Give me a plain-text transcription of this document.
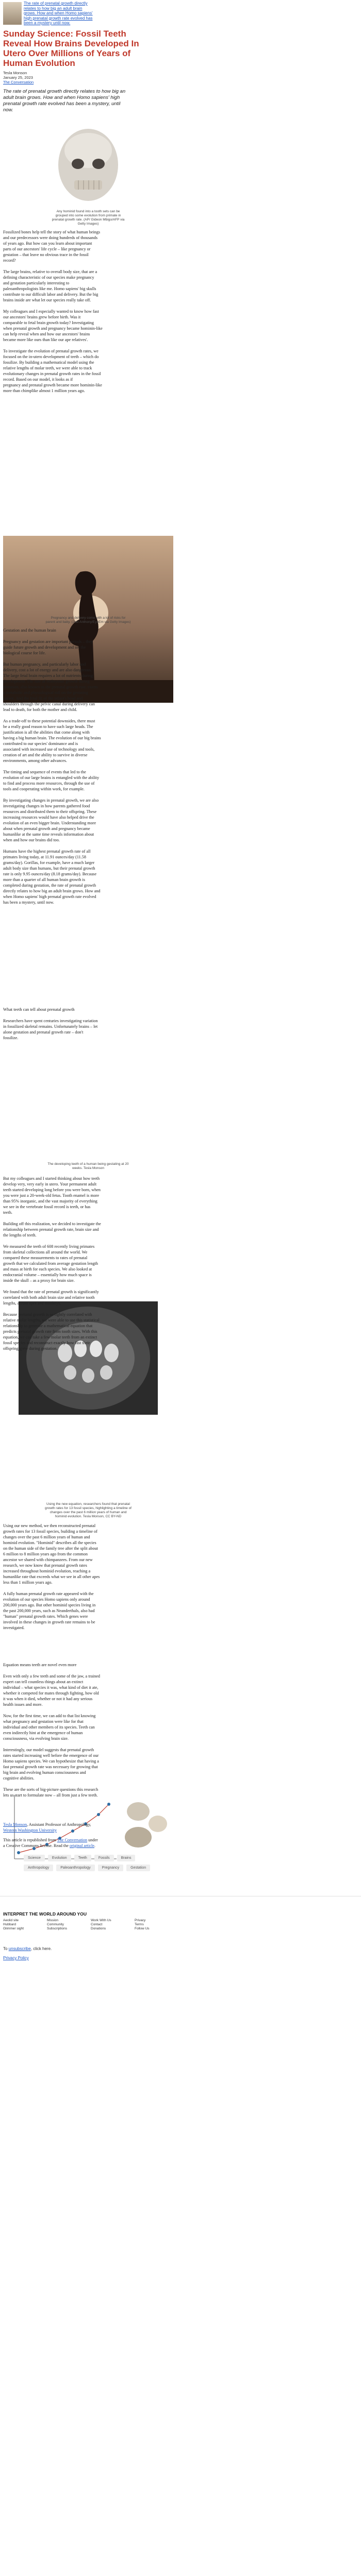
The rate of prenatal growth directly
relates to how big an adult brain
grows. How and when Homo sapiens'
high prenatal growth rate evolved has
been a mystery until now.
Sunday Science: Fossil Teeth
Reveal How Brains Developed In
Utero Over Millions of Years of
Human Evolution
Tesla Monson
January 25, 2023
The Conversation
The rate of prenatal growth directly relates to how big an
adult brain grows. How and when Homo sapiens' high
prenatal growth rate evolved has been a mystery, until
now.
Any hominid found into a tooth sets can be
grouped into some evolution from primate in
prenatal growth rate. (AP/ Gideon Mbigo/AFP via
Getty Images)

Fossilized bones help tell the story of what human beings
and our predecessors were doing hundreds of thousands
of years ago. But how can you learn about important
parts of our ancestors' life cycle – like pregnancy or
gestation – that leave no obvious trace in the fossil
record?

The large brains, relative to overall body size, that are a
defining characteristic of our species make pregnancy
and gestation particularly interesting to
paleoanthropologists like me. Homo sapiens' big skulls
contribute to our difficult labor and delivery. But the big
brains inside are what let our species really take off.

My colleagues and I especially wanted to know how fast
our ancestors' brains grew before birth. Was it
comparable to fetal brain growth today? Investigating
when prenatal growth and pregnancy became hominin-like
can help reveal when and how our ancestors' brains
became more like ours than like our ape relatives'.

To investigate the evolution of prenatal growth rates, we
focused on the in-utero development of teeth – which do
fossilize. By building a mathematical model using the
relative lengths of molar teeth, we were able to track
evolutionary changes in prenatal growth rates in the fossil
record. Based on our model, it looks as if
pregnancy and prenatal growth became more hominin-like
more than chimplike almost 1 million years ago.

Pregnancy and delivery come with a lot of risks for
parent and baby. (Joel Anthony/EyeEm via Getty Images)
Gestation and the human brain

Pregnancy and gestation are important periods – they
guide future growth and development and set the
biological course for life.

But human pregnancy, and particularly labor and
delivery, cost a lot of energy and are also dangerous.
The large fetal brain requires a lot of nutrients during
development. The rate of embryonic growth during
gestation, also known as the prenatal growth rate, exerts
a metabolic and physiological toll on the gestating
parent. And the fetal fit of the infant's head and
shoulders through the pelvic canal during delivery can
lead to death, for both the mother and child.

As a trade-off to these potential downsides, there must
be a really good reason to have such large heads. The
justification is all the abilities that come along with
having a big human brain. The evolution of our big brains
contributed to our species' dominance and is
associated with increased use of technology and tools,
creation of art and the ability to survive in diverse
environments, among other advances.

The timing and sequence of events that led to the
evolution of our large brains is entangled with the ability
to find and process more resources, through the use of
tools and cooperating within work, for example.

By investigating changes in prenatal growth, we are also
investigating changes in how parents gathered food
resources and distributed them to their offspring. These
increasing resources would have also helped drive the
evolution of an even bigger brain. Understanding more
about when prenatal growth and pregnancy became
humanlike at the same time reveals information about
when and how our brains did too.

Humans have the highest prenatal growth rate of all
primates living today, at 11.91 ounces/day (11.58
grams/day). Gorillas, for example, have a much larger
adult body size than humans, but their prenatal growth
rate is only 9.95 ounces/day (8.18 grams/day). Because
more than a quarter of all human brain growth is
completed during gestation, the rate of prenatal growth
directly relates to how big an adult brain grows. How and
when Homo sapiens' high prenatal growth rate evolved
has been a mystery, until now.

What teeth can tell about prenatal growth

Researchers have spent centuries investigating variation
in fossilized skeletal remains. Unfortunately brains – let
alone gestation and prenatal growth rate – don't
fossilize.

The developing teeth of a human being gestating at 20
weeks. Tesla Monson

But my colleagues and I started thinking about how teeth
develop very, very early in utero. Your permanent adult
teeth started developing long before you were born, when
you were just a 20-week-old fetus. Tooth enamel is more
than 95% inorganic, and the vast majority of everything
we see in the vertebrate fossil record is teeth, or has
teeth.

Building off this realization, we decided to investigate the
relationship between prenatal growth rate, brain size and
the lengths of teeth.

We measured the teeth of 608 recently living primates
from skeletal collections all around the world. We
compared these measurements to rates of prenatal
growth that we calculated from average gestation length
and mass at birth for each species. We also looked at
endocranial volume – essentially how much space is
inside the skull – as a proxy for brain size.

We found that the rate of prenatal growth is significantly
correlated with both adult brain size and relative tooth
lengths, across apes and monkeys.

Because prenatal growth is so tightly correlated with
relative molar lengths, we were able to use this statistical
relationship to generate a mathematical equation that
predicts prenatal growth rate from tooth sizes. With this
equation, we can take a few molar teeth from an extinct
fossil species and reconstruct exactly how fast their
offspring grew during gestation.

Using the new equation, researchers found that prenatal
growth rates for 13 fossil species, highlighting a timeline of
changes over the past 6 million years of human and
hominid evolution. Tesla Monson, CC BY-ND

Using our new method, we then reconstructed prenatal
growth rates for 13 fossil species, building a timeline of
changes over the past 6 million years of human and
hominid evolution. "Hominid" describes all the species
on the human side of the family tree after the split about
6 million to 8 million years ago from the common
ancestor we shared with chimpanzees. From our new
research, we now know that prenatal growth rates
increased throughout hominid evolution, reaching a
humanlike rate that exceeds what we see in all other apes
less than 1 million years ago.

A fully human prenatal growth rate appeared with the
evolution of our species Homo sapiens only around
200,000 years ago. But other hominid species living in
the past 200,000 years, such as Neanderthals, also had
"human" prenatal growth rates. Which genes were
involved in these changes in growth rate remains to be
investigated.

Equation means teeth are novel even more

Even with only a few teeth and some of the jaw, a trained
expert can tell countless things about an extinct
individual – what species it was, what kind of diet it ate,
whether it competed for mates through fighting, how old
it was when it died, whether or not it had any serious
health issues and more.

Now, for the first time, we can add to that list knowing
what pregnancy and gestation were like for that
individual and other members of its species. Teeth can
even indirectly hint at the emergence of human
consciousness, via evolving brain size.

Interestingly, our model suggests that prenatal growth
rates started increasing well before the emergence of our
Homo sapiens species. We can hypothesize that having a
fast prenatal growth rate was necessary for growing that
big brain and evolving human consciousness and
cognitive abilities.

These are the sorts of big-picture questions this research
lets us start to formulate now – all from just a few teeth.

Tesla Monson, Assistant Professor of Anthropology,
Western Washington University

This article is republished from The Conversation under

a Creative Commons license. Read the original article.

Science	Evolution	Teeth	Fossils	Brains
Anthropology	Paleoanthropology	Pregnancy	Gestation
INTERPRET THE WORLD AROUND YOU
Aeolid site
Hubbard
Glimmer sight
Mission
Community
Subscriptions
Work With Us
Contact
Donations
Privacy
Terms
Follow Us
To unsubscribe, click here.
Privacy Policy
